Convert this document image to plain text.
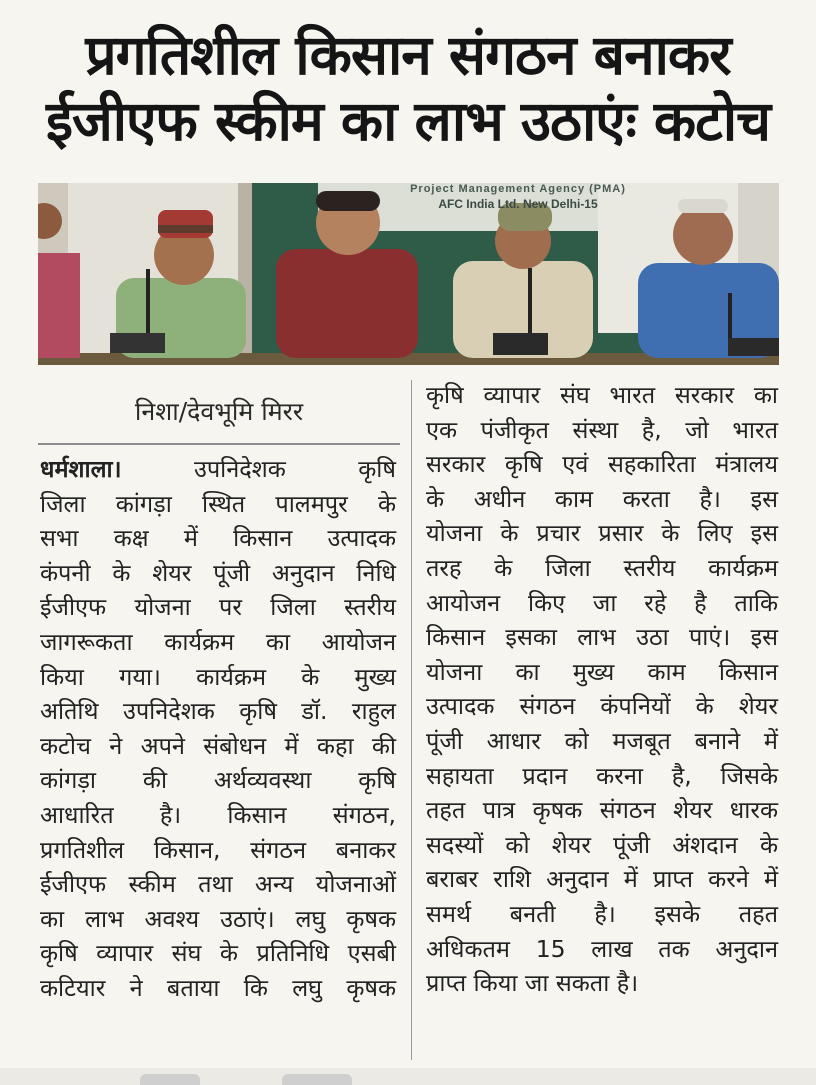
प्रगतिशील किसान संगठन बनाकर
ईजीएफ स्कीम का लाभ उठाएंः कटोच
Project Management Agency (PMA)
AFC India Ltd. New Delhi-15
निशा/देवभूमि मिरर
धर्मशाला।	उपनिदेशक कृषि
जिला कांगड़ा स्थित पालमपुर के
सभा कक्ष में किसान उत्पादक
कंपनी के शेयर पूंजी अनुदान निधि
ईजीएफ योजना पर जिला स्तरीय
जागरूकता कार्यक्रम का आयोजन
किया गया। कार्यक्रम के मुख्य
अतिथि उपनिदेशक कृषि डॉ. राहुल
कटोच ने अपने संबोधन में कहा की
कांगड़ा की अर्थव्यवस्था कृषि
आधारित है। किसान संगठन,
प्रगतिशील किसान, संगठन बनाकर
ईजीएफ स्कीम तथा अन्य योजनाओं
का लाभ अवश्य उठाएं। लघु कृषक
कृषि व्यापार संघ के प्रतिनिधि एसबी
कटियार ने बताया कि लघु कृषक
कृषि व्यापार संघ भारत सरकार का
एक पंजीकृत संस्था है, जो भारत
सरकार कृषि एवं सहकारिता मंत्रालय
के अधीन काम करता है। इस
योजना के प्रचार प्रसार के लिए इस
तरह के जिला स्तरीय कार्यक्रम
आयोजन किए जा रहे है ताकि
किसान इसका लाभ उठा पाएं। इस
योजना का मुख्य काम किसान
उत्पादक संगठन कंपनियों के शेयर
पूंजी आधार को मजबूत बनाने में
सहायता प्रदान करना है, जिसके
तहत पात्र कृषक संगठन शेयर धारक
सदस्यों को शेयर पूंजी अंशदान के
बराबर राशि अनुदान में प्राप्त करने में
समर्थ बनती है। इसके तहत
अधिकतम 15 लाख तक अनुदान
प्राप्त किया जा सकता है।
